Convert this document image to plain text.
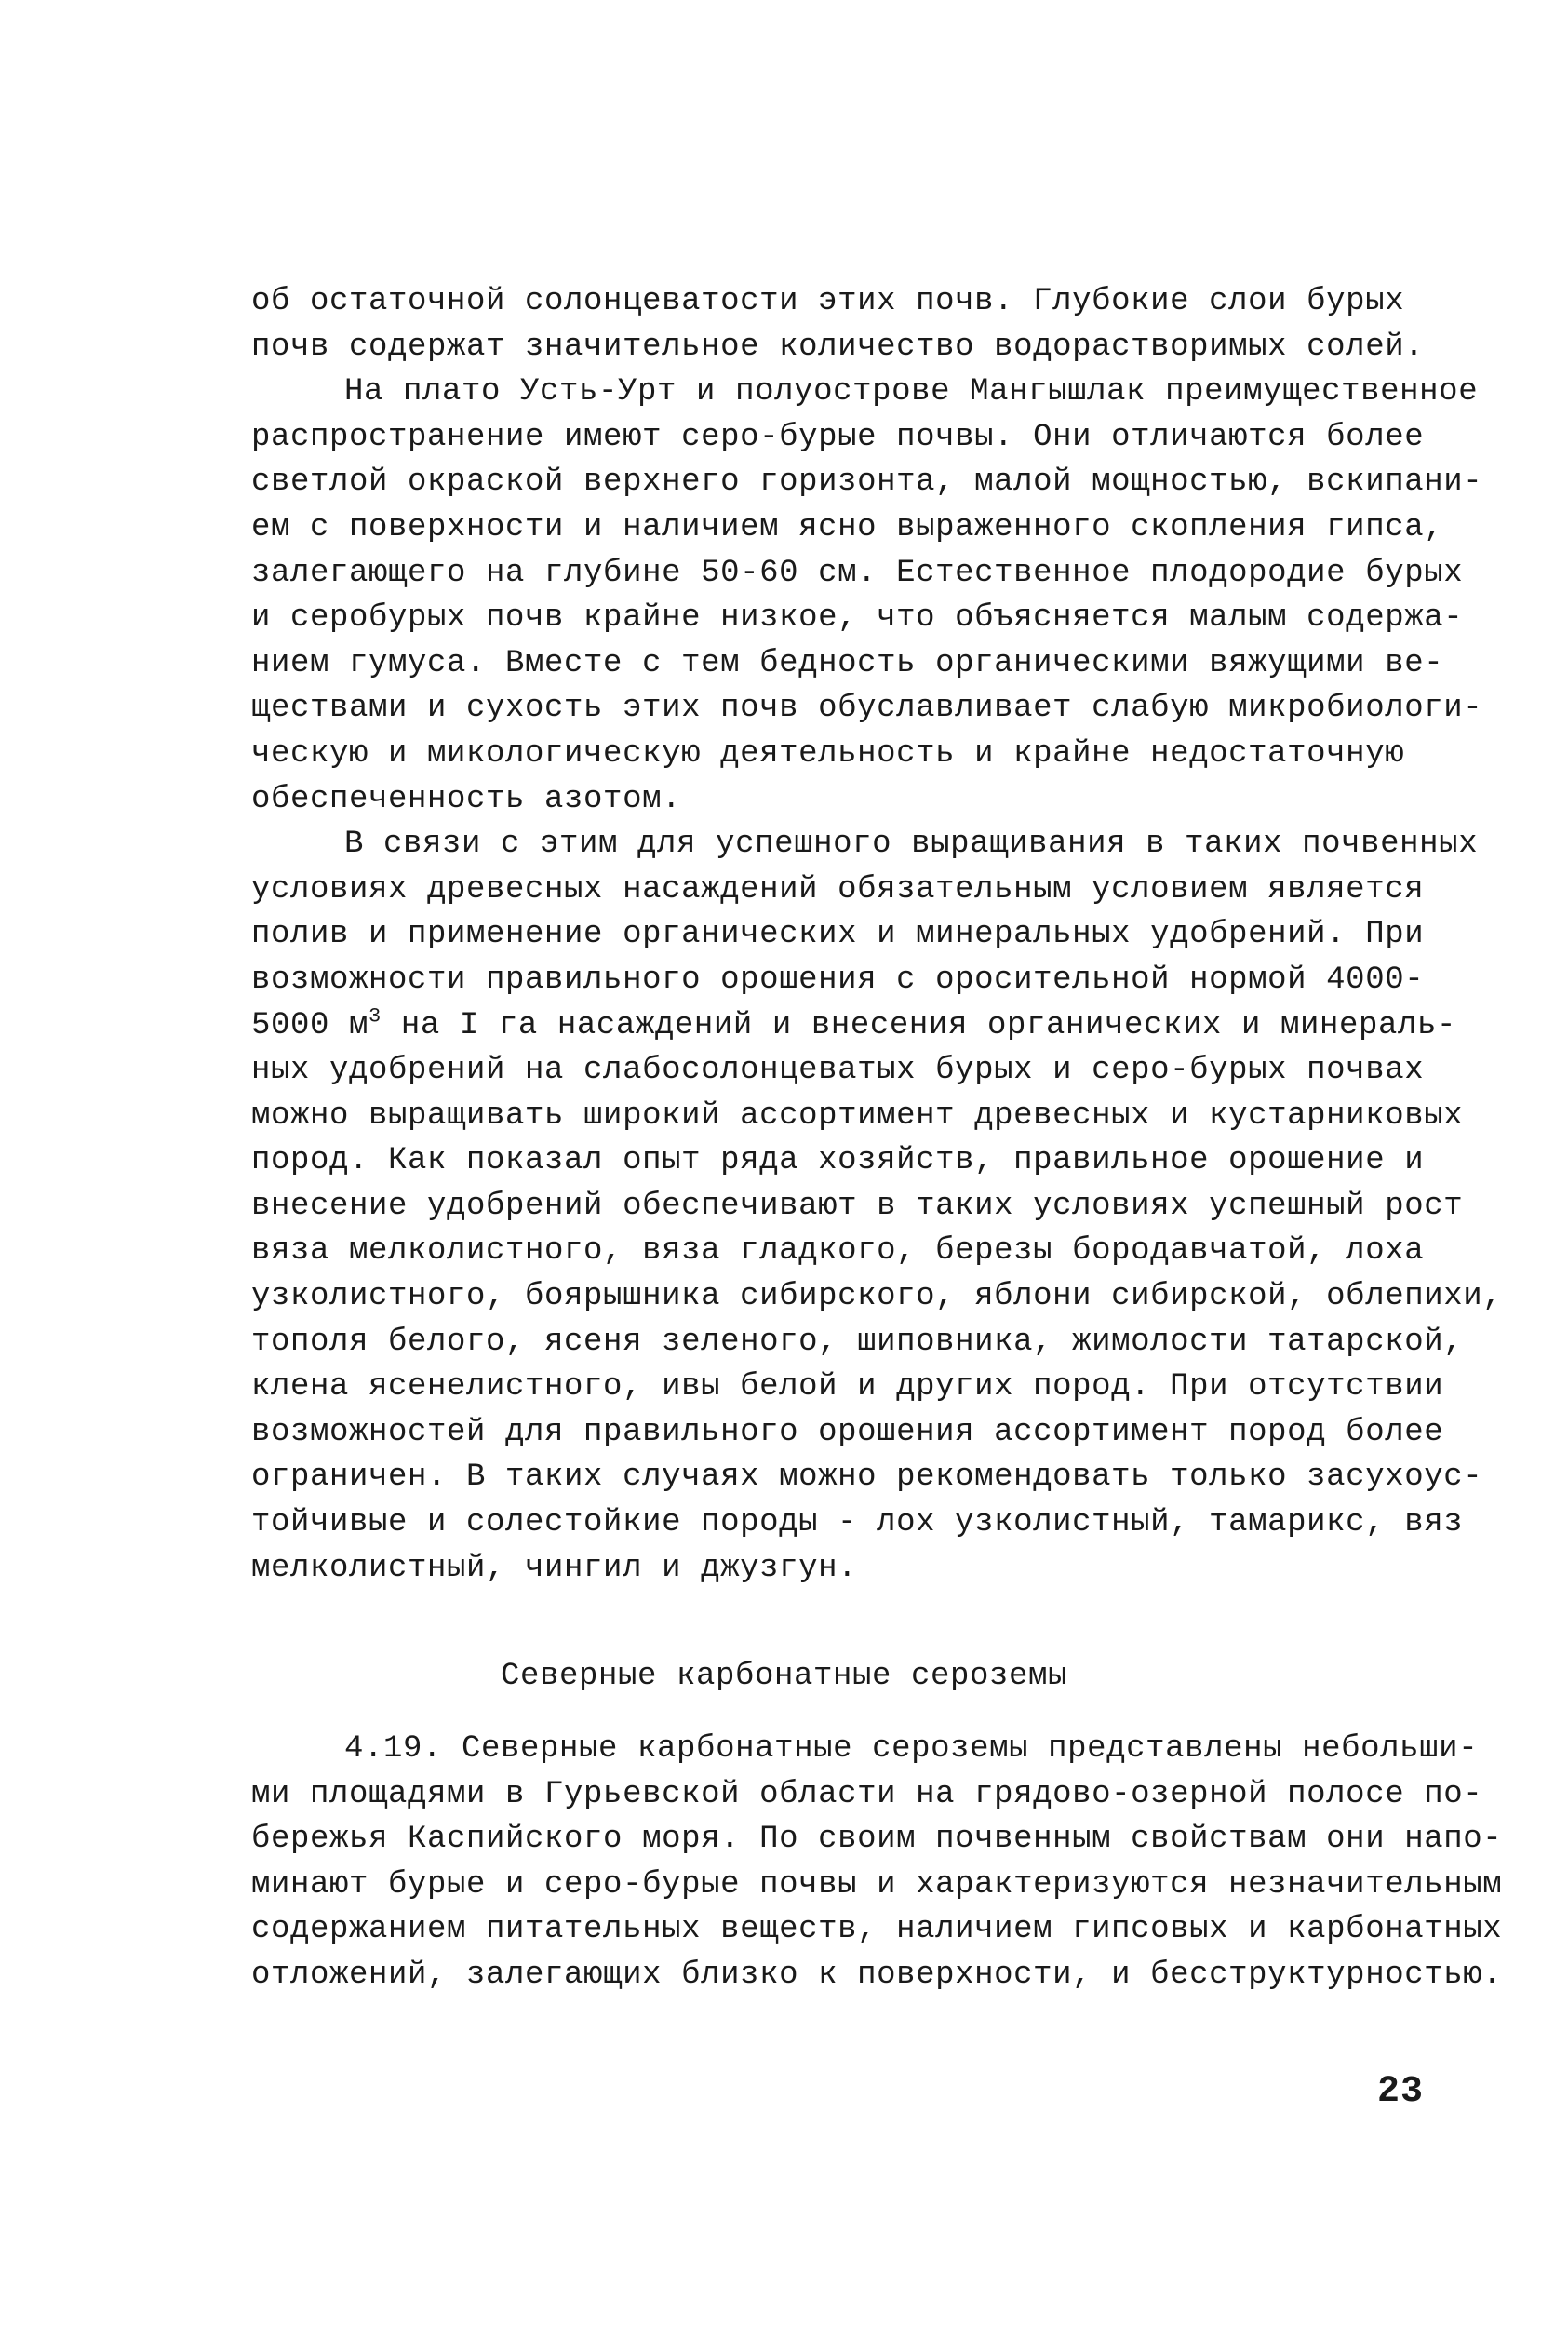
об остаточной солонцеватости этих почв. Глубокие слои бурых
почв содержат значительное количество водорастворимых солей.
На плато Усть-Урт и полуострове Мангышлак преимущественное
распространение имеют серо-бурые почвы. Они отличаются более
светлой окраской верхнего горизонта, малой мощностью, вскипани-
ем с поверхности и наличием ясно выраженного скопления гипса,
залегающего на глубине 50-60 см. Естественное плодородие бурых
и серобурых почв крайне низкое, что объясняется малым содержа-
нием гумуса. Вместе с тем бедность органическими вяжущими ве-
ществами и сухость этих почв обуславливает слабую микробиологи-
ческую и микологическую деятельность и крайне недостаточную
обеспеченность азотом.
В связи с этим для успешного выращивания в таких почвенных
условиях древесных насаждений обязательным условием является
полив и применение органических и минеральных удобрений. При
возможности правильного орошения с оросительной нормой 4000-
5000 $м^3$ на I га насаждений и внесения органических и минераль-
ных удобрений на слабосолонцеватых бурых и серо-бурых почвах
можно выращивать широкий ассортимент древесных и кустарниковых
пород. Как показал опыт ряда хозяйств, правильное орошение и
внесение удобрений обеспечивают в таких условиях успешный рост
вяза мелколистного, вяза гладкого, березы бородавчатой, лоха
узколистного, боярышника сибирского, яблони сибирской, облепихи,
тополя белого, ясеня зеленого, шиповника, жимолости татарской,
клена ясенелистного, ивы белой и других пород. При отсутствии
возможностей для правильного орошения ассортимент пород более
ограничен. В таких случаях можно рекомендовать только засухоус-
тойчивые и солестойкие породы - лох узколистный, тамарикс, вяз
мелколистный, чингил и джузгун.
Северные карбонатные сероземы
4.19. Северные карбонатные сероземы представлены небольши-
ми площадями в Гурьевской области на грядово-озерной полосе по-
бережья Каспийского моря. По своим почвенным свойствам они напо-
минают бурые и серо-бурые почвы и характеризуются незначительным
содержанием питательных веществ, наличием гипсовых и карбонатных
отложений, залегающих близко к поверхности, и бесструктурностью.
23
